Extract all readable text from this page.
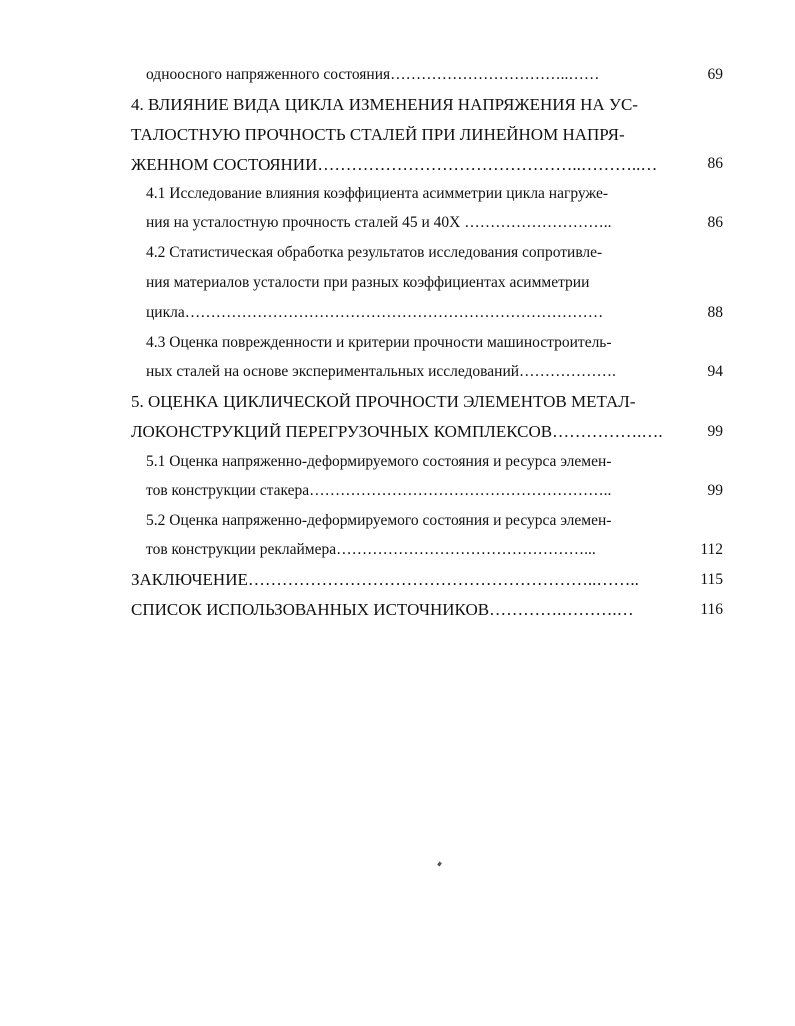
одноосного напряженного состояния……………………………..……	69
4. ВЛИЯНИЕ ВИДА ЦИКЛА ИЗМЕНЕНИЯ НАПРЯЖЕНИЯ НА УС-
ТАЛОСТНУЮ ПРОЧНОСТЬ СТАЛЕЙ ПРИ ЛИНЕЙНОМ НАПРЯ-
ЖЕННОМ СОСТОЯНИИ………………………………………..………..…	86
4.1 Исследование влияния коэффициента асимметрии цикла нагруже-
ния на усталостную прочность сталей 45 и 40Х ………………………..	86
4.2 Статистическая обработка результатов исследования сопротивле-
ния материалов усталости при разных коэффициентах асимметрии
цикла………………………………………………………………………	88
4.3 Оценка поврежденности и критерии прочности машиностроитель-
ных сталей на основе экспериментальных исследований……………….	94
5. ОЦЕНКА ЦИКЛИЧЕСКОЙ ПРОЧНОСТИ ЭЛЕМЕНТОВ МЕТАЛ-
ЛОКОНСТРУКЦИЙ ПЕРЕГРУЗОЧНЫХ КОМПЛЕКСОВ…………….….	99
5.1 Оценка напряженно-деформируемого состояния и ресурса элемен-
тов конструкции стакера…………………………………………………..	99
5.2 Оценка напряженно-деформируемого состояния и ресурса элемен-
тов конструкции реклаймера…………………………………………...	112
ЗАКЛЮЧЕНИЕ……………………………………………………..……..	115
СПИСОК ИСПОЛЬЗОВАННЫХ ИСТОЧНИКОВ………….……….…	116
